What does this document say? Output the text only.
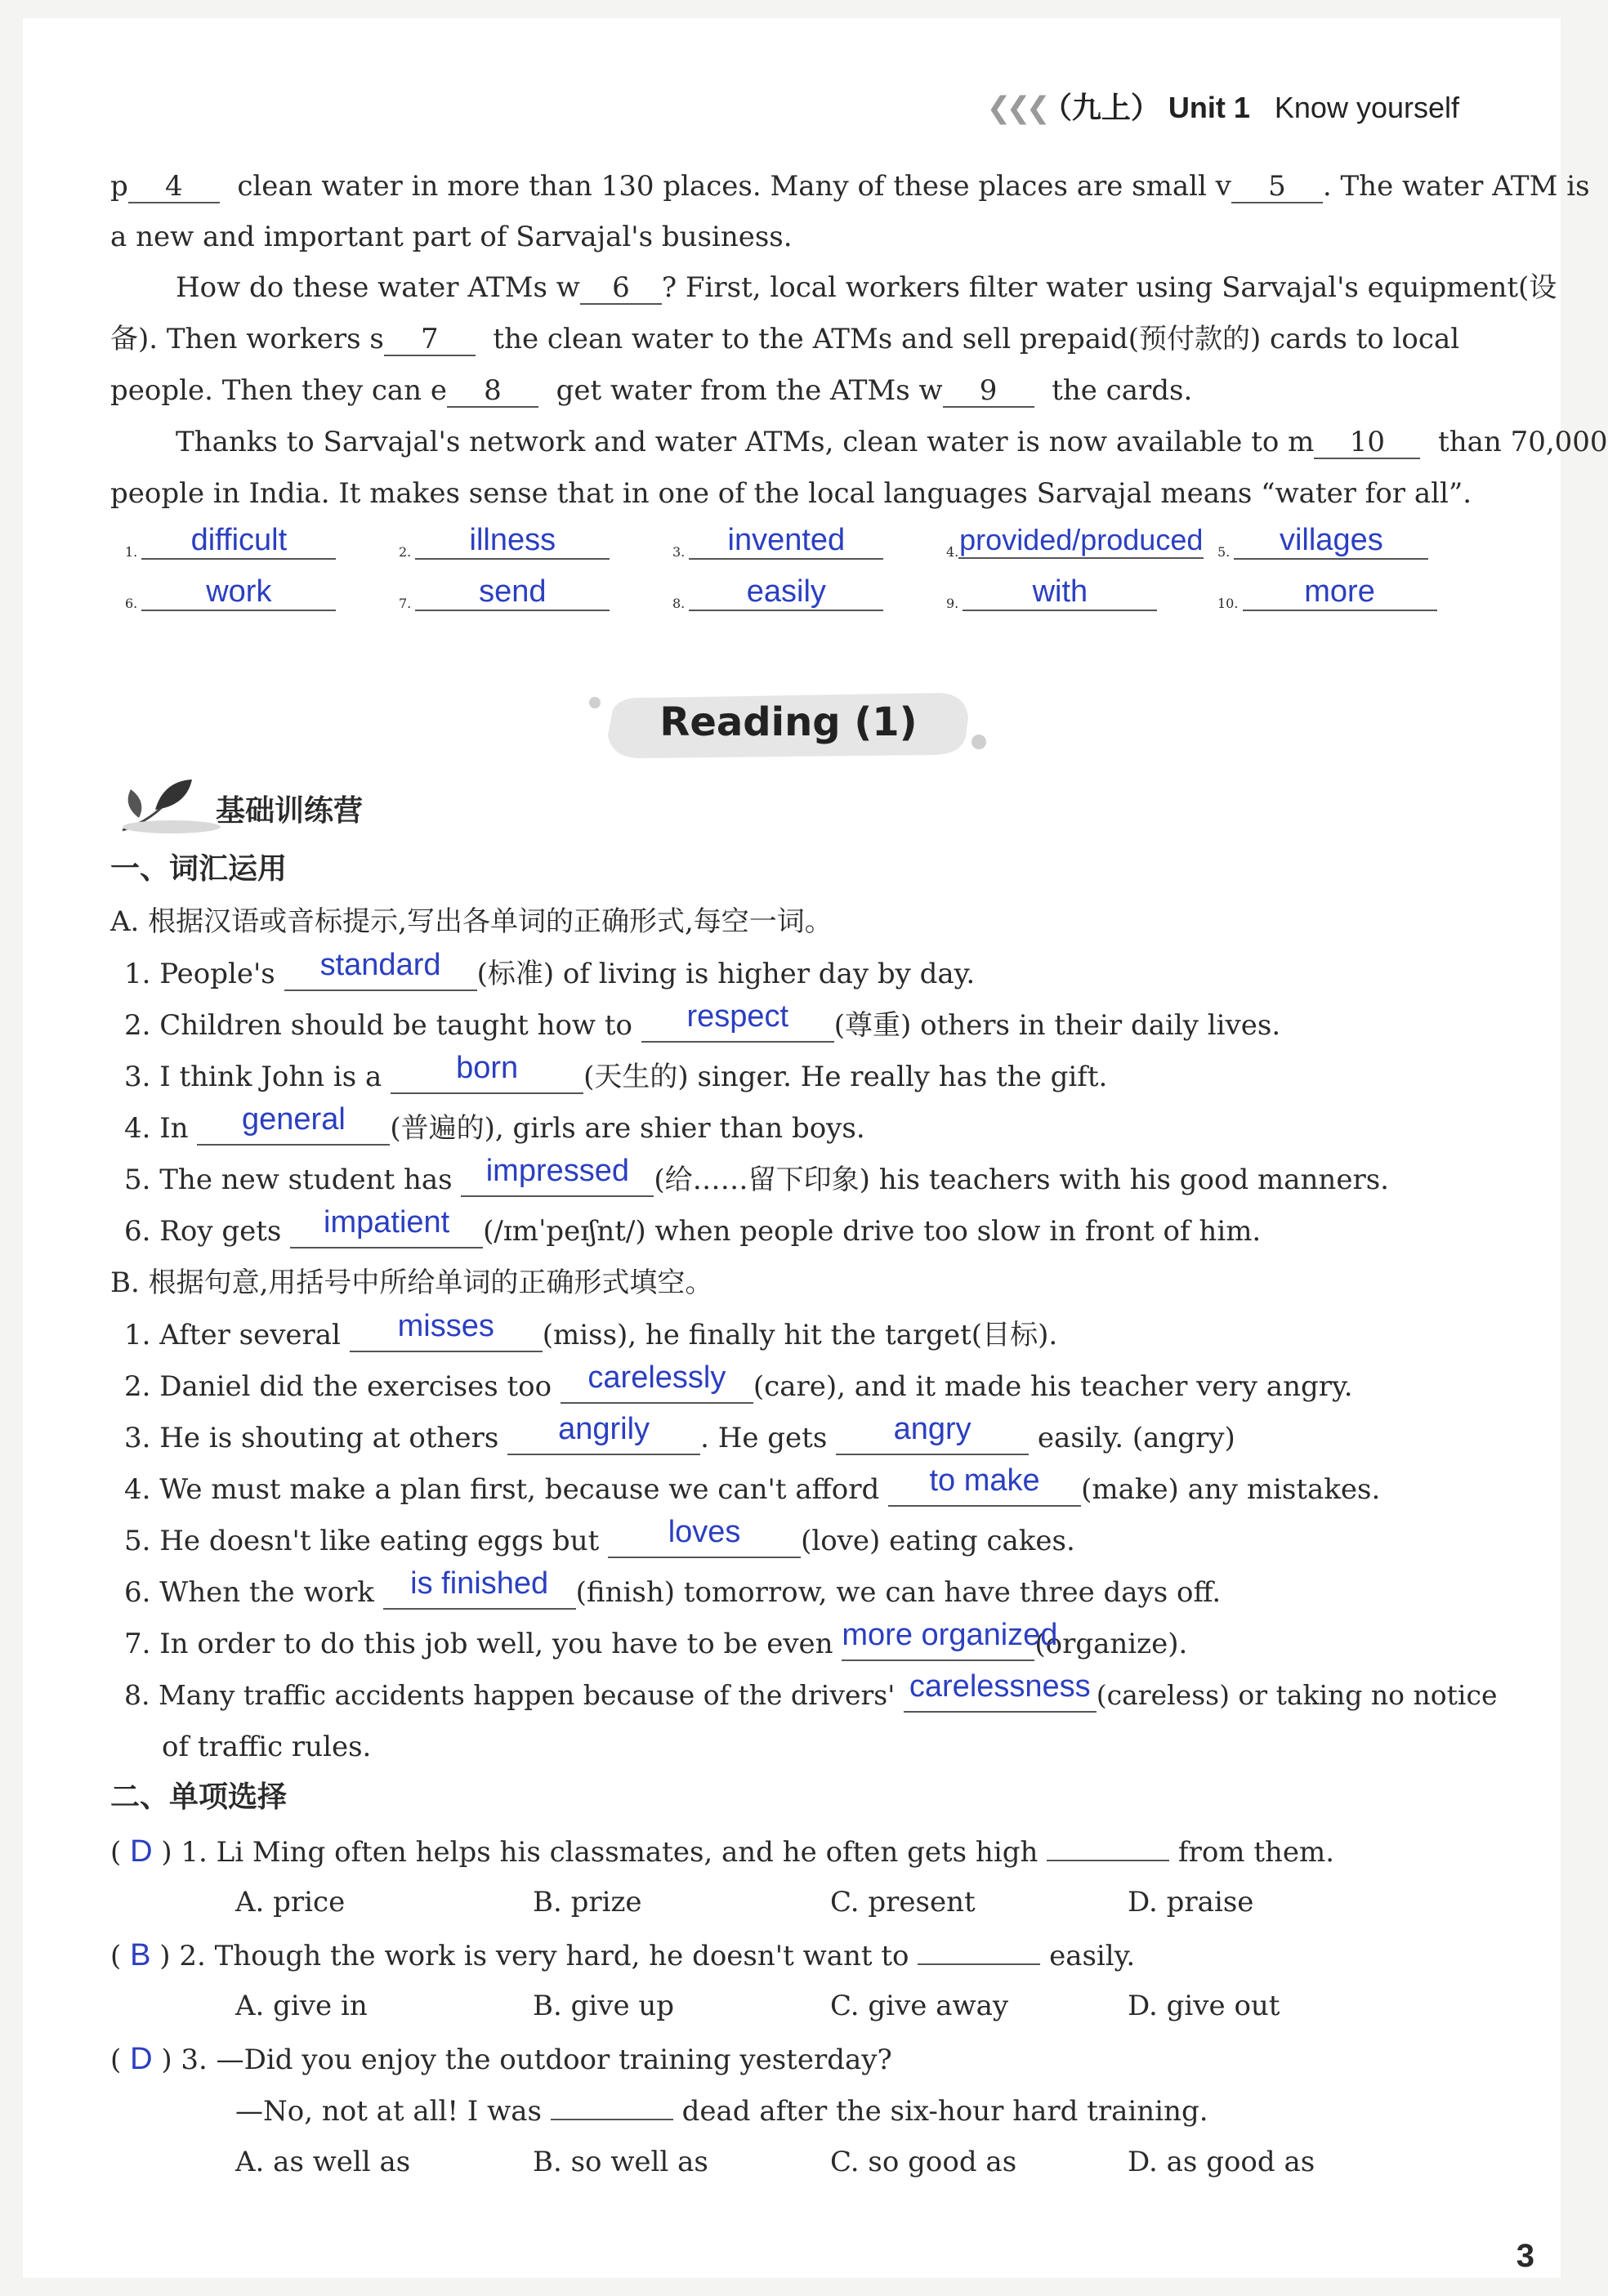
❮❮❮ （九上） Unit 1 Know yourself
p 4 clean water in more than 130 places. Many of these places are small v 5 . The water ATM is
a new and important part of Sarvajal's business.
How do these water ATMs w 6 ? First, local workers filter water using Sarvajal's equipment(设
备). Then workers s 7 the clean water to the ATMs and sell prepaid(预付款的) cards to local
people. Then they can e 8 get water from the ATMs w 9 the cards.
Thanks to Sarvajal's network and water ATMs, clean water is now available to m 10 than 70,000
people in India. It makes sense that in one of the local languages Sarvajal means “water for all”.
1. difficult	2. illness	3. invented	4.provided/produced 5. villages
6. work	7. send	8. easily	9. with	10. more
Reading (1)
基础训练营
一、词汇运用
A. 根据汉语或音标提示,写出各单词的正确形式,每空一词。
1. People's standard (标准) of living is higher day by day.
2. Children should be taught how to respect (尊重) others in their daily lives.
3. I think John is a born (天生的) singer. He really has the gift.
4. In general (普遍的), girls are shier than boys.
5. The new student has impressed (给……留下印象) his teachers with his good manners.
6. Roy gets impatient (/ɪmˈpeɪʃnt/) when people drive too slow in front of him.
B. 根据句意,用括号中所给单词的正确形式填空。
1. After several misses (miss), he finally hit the target(目标).
2. Daniel did the exercises too carelessly (care), and it made his teacher very angry.
3. He is shouting at others angrily . He gets angry easily. (angry)
4. We must make a plan first, because we can't afford to make (make) any mistakes.
5. He doesn't like eating eggs but loves (love) eating cakes.
6. When the work is finished (finish) tomorrow, we can have three days off.
7. In order to do this job well, you have to be even more organized(organize).
8. Many traffic accidents happen because of the drivers' carelessness (careless) or taking no notice
of traffic rules.
二、单项选择
( D ) 1. Li Ming often helps his classmates, and he often gets high	from them.
A. price	B. prize	C. present	D. praise
( B ) 2. Though the work is very hard, he doesn't want to	easily.
A. give in	B. give up	C. give away	D. give out
( D ) 3. —Did you enjoy the outdoor training yesterday?
—No, not at all! I was	dead after the six-hour hard training.
A. as well as	B. so well as	C. so good as	D. as good as
3
